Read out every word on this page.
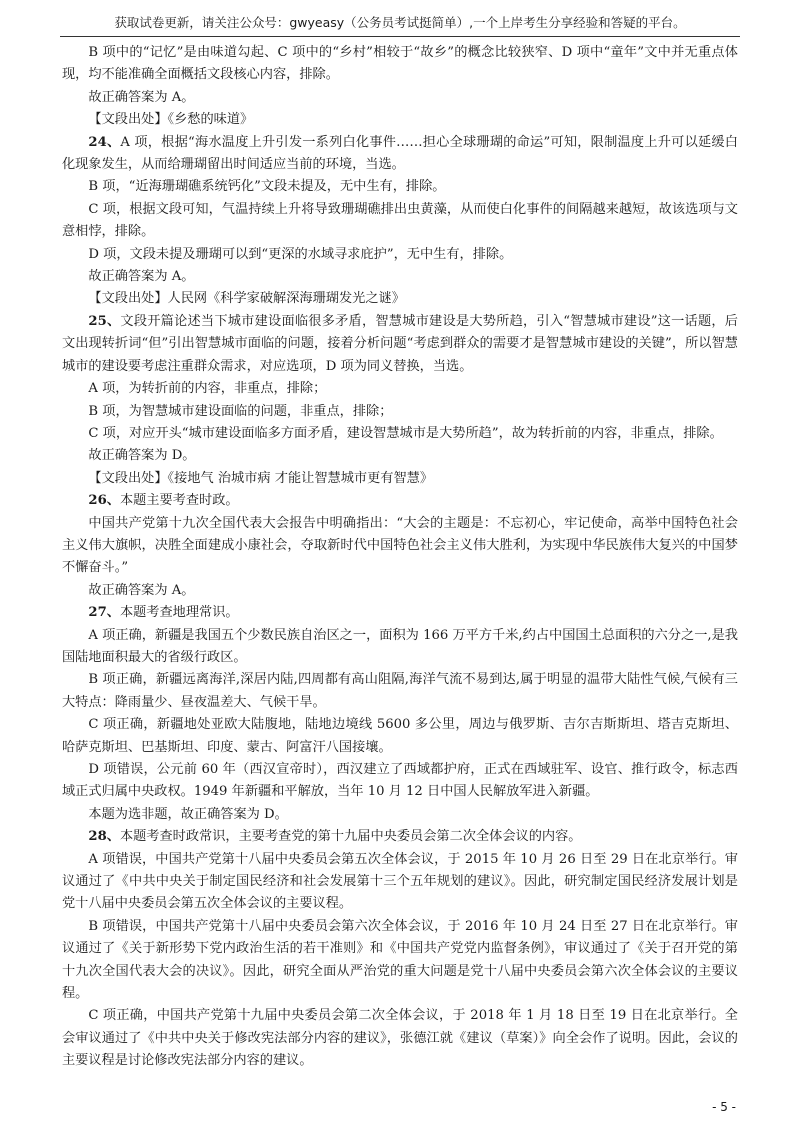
获取试卷更新，请关注公众号：gwyeasy（公务员考试挺简单）,一个上岸考生分享经验和答疑的平台。

B 项中的“记忆”是由味道勾起、C 项中的“乡村”相较于“故乡”的概念比较狭窄、D 项中“童年”文中并无重点体现，均不能准确全面概括文段核心内容，排除。

故正确答案为 A。

【文段出处】《乡愁的味道》

24、A 项，根据“海水温度上升引发一系列白化事件……担心全球珊瑚的命运”可知，限制温度上升可以延缓白化现象发生，从而给珊瑚留出时间适应当前的环境，当选。

B 项，“近海珊瑚礁系统钙化”文段未提及，无中生有，排除。

C 项，根据文段可知，气温持续上升将导致珊瑚礁排出虫黄藻，从而使白化事件的间隔越来越短，故该选项与文意相悖，排除。

D 项，文段未提及珊瑚可以到“更深的水域寻求庇护”，无中生有，排除。

故正确答案为 A。

【文段出处】人民网《科学家破解深海珊瑚发光之谜》

25、文段开篇论述当下城市建设面临很多矛盾，智慧城市建设是大势所趋，引入“智慧城市建设”这一话题，后文出现转折词“但”引出智慧城市面临的问题，接着分析问题“考虑到群众的需要才是智慧城市建设的关键”，所以智慧城市的建设要考虑注重群众需求，对应选项，D 项为同义替换，当选。

A 项，为转折前的内容，非重点，排除；

B 项，为智慧城市建设面临的问题，非重点，排除；

C 项，对应开头“城市建设面临多方面矛盾，建设智慧城市是大势所趋”，故为转折前的内容，非重点，排除。

故正确答案为 D。

【文段出处】《接地气 治城市病 才能让智慧城市更有智慧》

26、本题主要考查时政。

中国共产党第十九次全国代表大会报告中明确指出：“大会的主题是：不忘初心，牢记使命，高举中国特色社会主义伟大旗帜，决胜全面建成小康社会，夺取新时代中国特色社会主义伟大胜利，为实现中华民族伟大复兴的中国梦不懈奋斗。”

故正确答案为 A。

27、本题考查地理常识。

A 项正确，新疆是我国五个少数民族自治区之一，面积为 166 万平方千米,约占中国国土总面积的六分之一,是我国陆地面积最大的省级行政区。

B 项正确，新疆远离海洋,深居内陆,四周都有高山阻隔,海洋气流不易到达,属于明显的温带大陆性气候,气候有三大特点：降雨量少、昼夜温差大、气候干旱。

C 项正确，新疆地处亚欧大陆腹地，陆地边境线 5600 多公里，周边与俄罗斯、吉尔吉斯斯坦、塔吉克斯坦、哈萨克斯坦、巴基斯坦、印度、蒙古、阿富汗八国接壤。

D 项错误，公元前 60 年（西汉宣帝时），西汉建立了西域都护府，正式在西域驻军、设官、推行政令，标志西域正式归属中央政权。1949 年新疆和平解放，当年 10 月 12 日中国人民解放军进入新疆。

本题为选非题，故正确答案为 D。

28、本题考查时政常识，主要考查党的第十九届中央委员会第二次全体会议的内容。

A 项错误，中国共产党第十八届中央委员会第五次全体会议，于 2015 年 10 月 26 日至 29 日在北京举行。审议通过了《中共中央关于制定国民经济和社会发展第十三个五年规划的建议》。因此，研究制定国民经济发展计划是党十八届中央委员会第五次全体会议的主要议程。

B 项错误，中国共产党第十八届中央委员会第六次全体会议，于 2016 年 10 月 24 日至 27 日在北京举行。审议通过了《关于新形势下党内政治生活的若干准则》和《中国共产党党内监督条例》，审议通过了《关于召开党的第十九次全国代表大会的决议》。因此，研究全面从严治党的重大问题是党十八届中央委员会第六次全体会议的主要议程。

C 项正确，中国共产党第十九届中央委员会第二次全体会议，于 2018 年 1 月 18 日至 19 日在北京举行。全会审议通过了《中共中央关于修改宪法部分内容的建议》，张德江就《建议（草案）》向全会作了说明。因此，会议的主要议程是讨论修改宪法部分内容的建议。

- 5 -
